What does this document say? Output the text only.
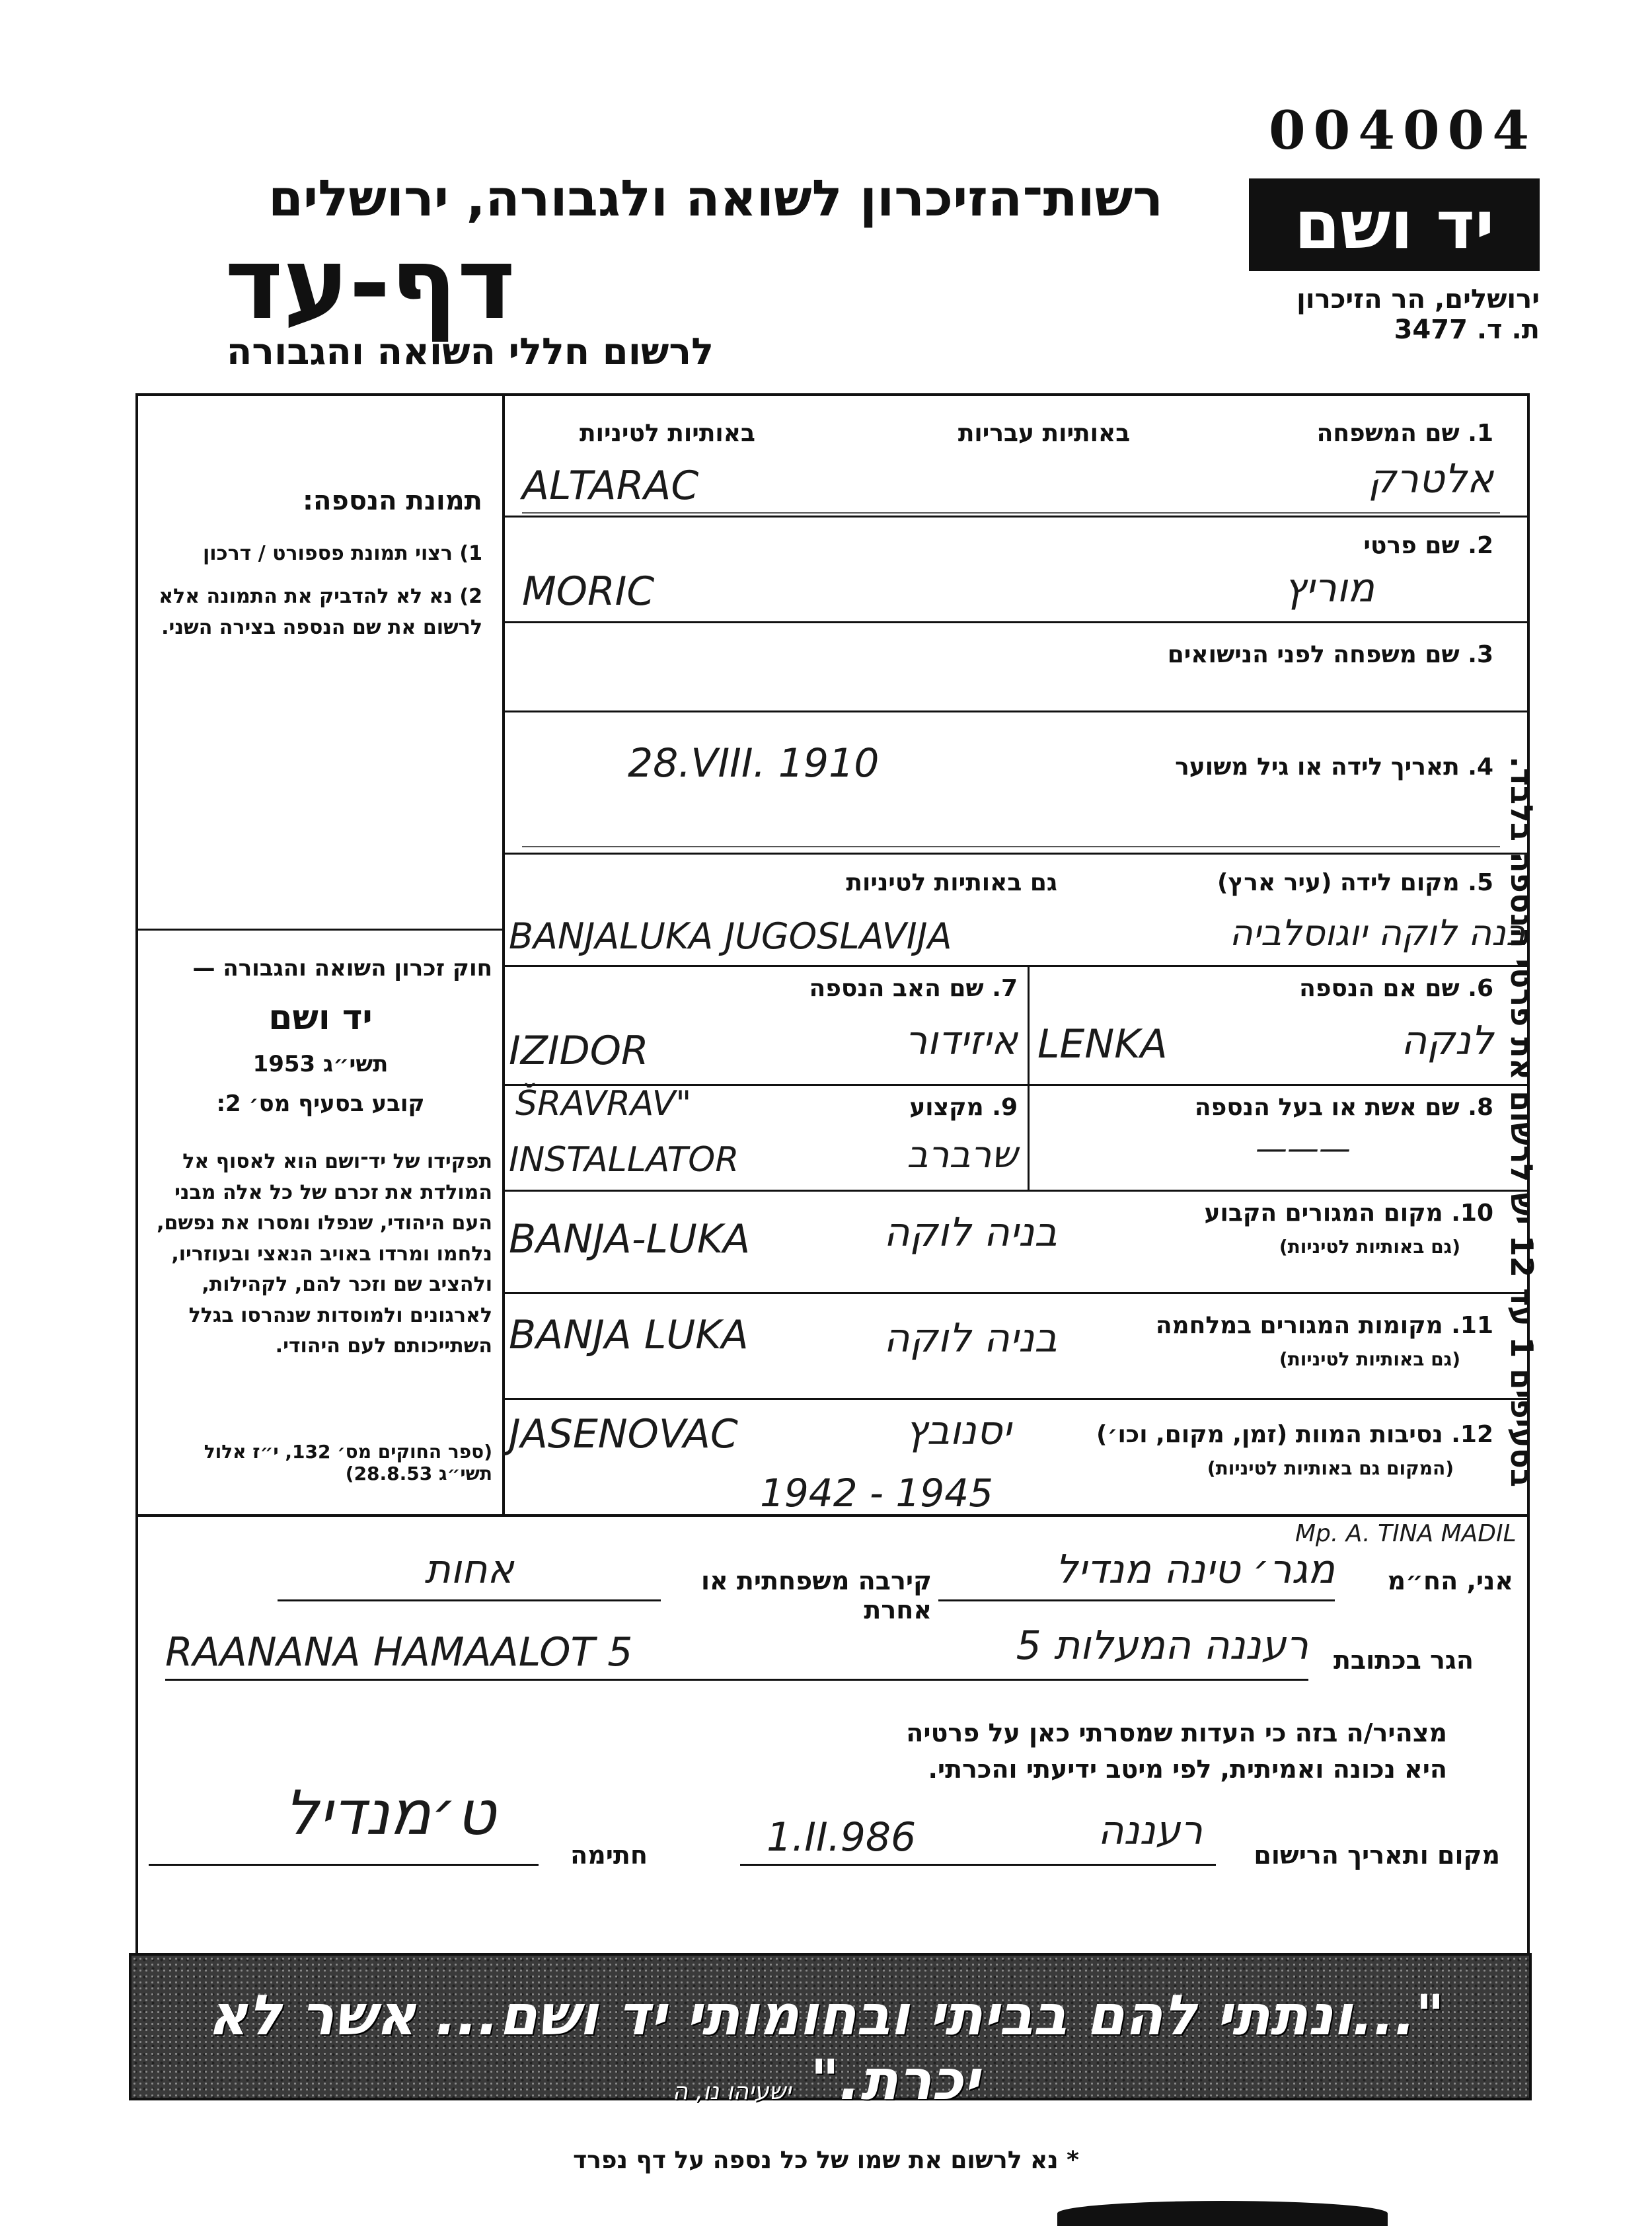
004004
יד ושם
ירושלים, הר הזיכרון
ת. ד. 3477
רשות־הזיכרון לשואה ולגבורה, ירושלים
דף-עד
לרשום חללי השואה והגבורה
1. שם המשפחה
באותיות עבריות
באותיות לטיניות
ALTARAC	אלטרק
2. שם פרטי
MORIC	מוריץ
3. שם משפחה לפני הנישואים
4. תאריך לידה או גיל משוער
28.VIII. 1910
5. מקום לידה (עיר ארץ)
גם באותיות לטיניות
BANJALUKA JUGOSLAVIJA	בנה לוקה יוגוסלביה
6. שם אם הנספה
LENKA	לנקה
7. שם האב הנספה
IZIDOR	איזידור
8. שם אשת או בעל הנספה
———
9. מקצוע
ŠRAVRAV"
INSTALLATOR	שרברב
10. מקום המגורים הקבוע
(גם באותיות לטיניות)
BANJA-LUKA	בניה לוקה
11. מקומות המגורים במלחמה
(גם באותיות לטיניות)
BANJA LUKA	בניה לוקה
12. נסיבות המוות (זמן, מקום, וכו׳)
(המקום גם באותיות לטיניות)
JASENOVAC	יסנובץ
1942 - 1945
תמונת הנספה:
1) רצוי תמונת פספורט / דרכון
2) נא לא להדביק את התמונה אלא לרשום את שם הנספה בצירה השני.
חוק זכרון השואה והגבורה —
יד ושם
תשי״ג 1953
קובע בסעיף מס׳ 2:
תפקידו של יד־ושם הוא לאסוף אל המולדת את זכרם של כל אלה מבני העם היהודי, שנפלו ומסרו את נפשם, נלחמו ומרדו באויב הנאצי ובעוזריו, ולהציב שם וזכר להם, לקהילות, לארגונים ולמוסדות שנהרסו בגלל השתייכותם לעם היהודי.
(ספר החוקים מס׳ 132, י״ז אלול תשי״ג 28.8.53)
בסעיפים 1 עד 12 יש לרשום את פרטי הנספה בלבד.
אני, הח״מ
מגר׳ טינה מנדיל
Mp. A. TINA MADIL
קירבה משפחתית או אחרת
אחות
הגר בכתובת
RAANANA HAMAALOT 5	רעננה המעלות 5
מצהיר/ה בזה כי העדות שמסרתי כאן על פרטיה
היא נכונה ואמיתית, לפי מיטב ידיעתי והכרתי.
מקום ותאריך הרישום
רעננה
1.II.986
חתימה
ט׳מנדיל
"...ונתתי להם בביתי ובחומותי יד ושם... אשר לא יכרת." ישעיהו נו, ה
* נא לרשום את שמו של כל נספה על דף נפרד
